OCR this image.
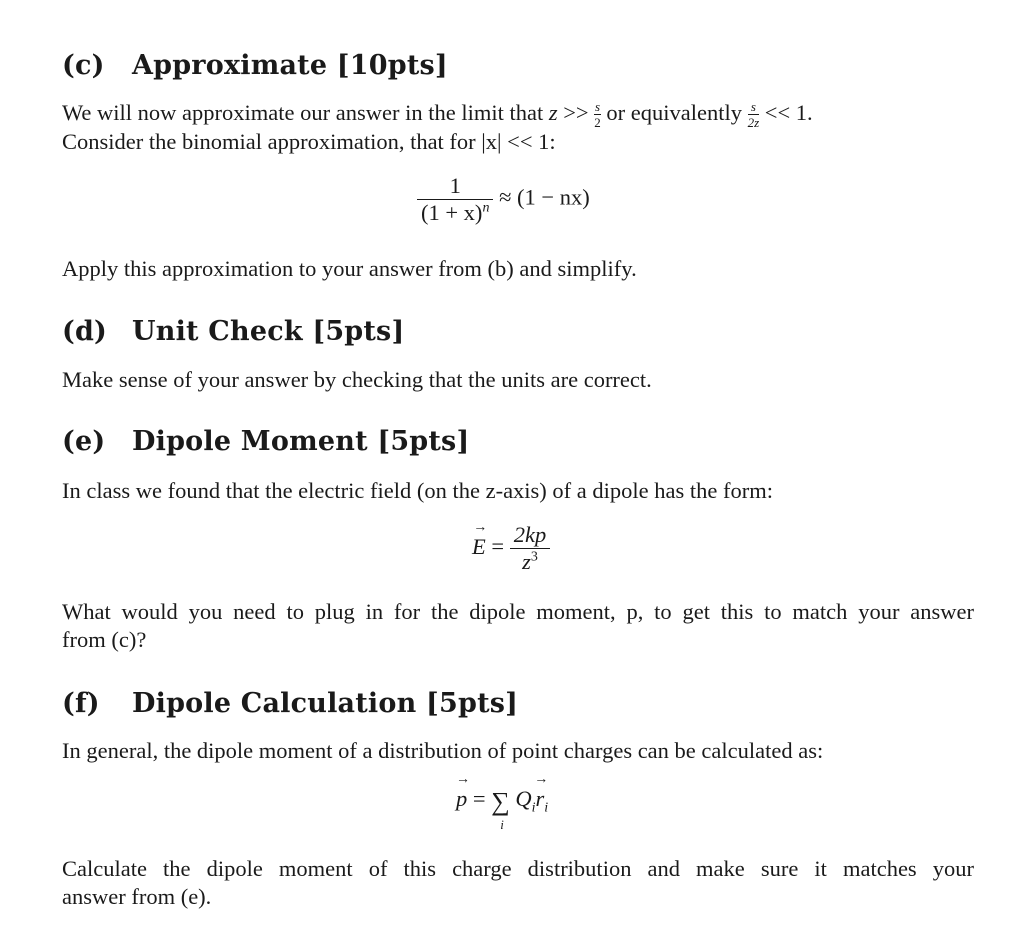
(c) Approximate [10pts]

We will now approximate our answer in the limit that $z >> \frac{s}{2}$ or equivalently $\frac{s}{2z} << 1$.

Consider the binomial approximation, that for |x| << 1:

$\frac{1}{(1 + x)^n} \approx (1 - nx)$

Apply this approximation to your answer from (b) and simplify.

(d) Unit Check [5pts]

Make sense of your answer by checking that the units are correct.

(e) Dipole Moment [5pts]

In class we found that the electric field (on the z-axis) of a dipole has the form:

→ $E = \frac{2kp}{z^3}$

What would you need to plug in for the dipole moment, p, to get this to match your answer

from (c)?

(f) Dipole Calculation [5pts]

In general, the dipole moment of a distribution of point charges can be calculated as:

→ p = ∑
i
$Q_i\to r_i$

Calculate the dipole moment of this charge distribution and make sure it matches your

answer from (e).
